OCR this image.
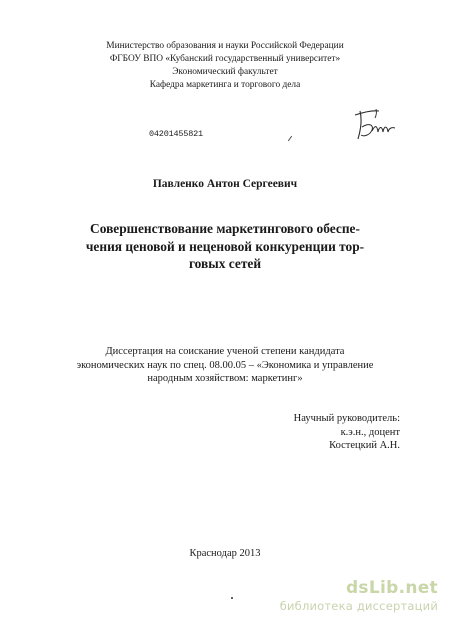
Министерство образования и науки Российской Федерации
ФГБОУ ВПО «Кубанский государственный университет»
Экономический факультет
Кафедра маркетинга и торгового дела
04201455821
Павленко Антон Сергеевич
Совершенствование маркетингового обеспе-
чения ценовой и неценовой конкуренции тор-
говых сетей
Диссертация на соискание ученой степени кандидата
экономических наук по спец. 08.00.05 – «Экономика и управление
народным хозяйством: маркетинг»
Научный руководитель:
к.э.н., доцент
Костецкий А.Н.
Краснодар 2013
dsLib.net
библиотека диссертаций
